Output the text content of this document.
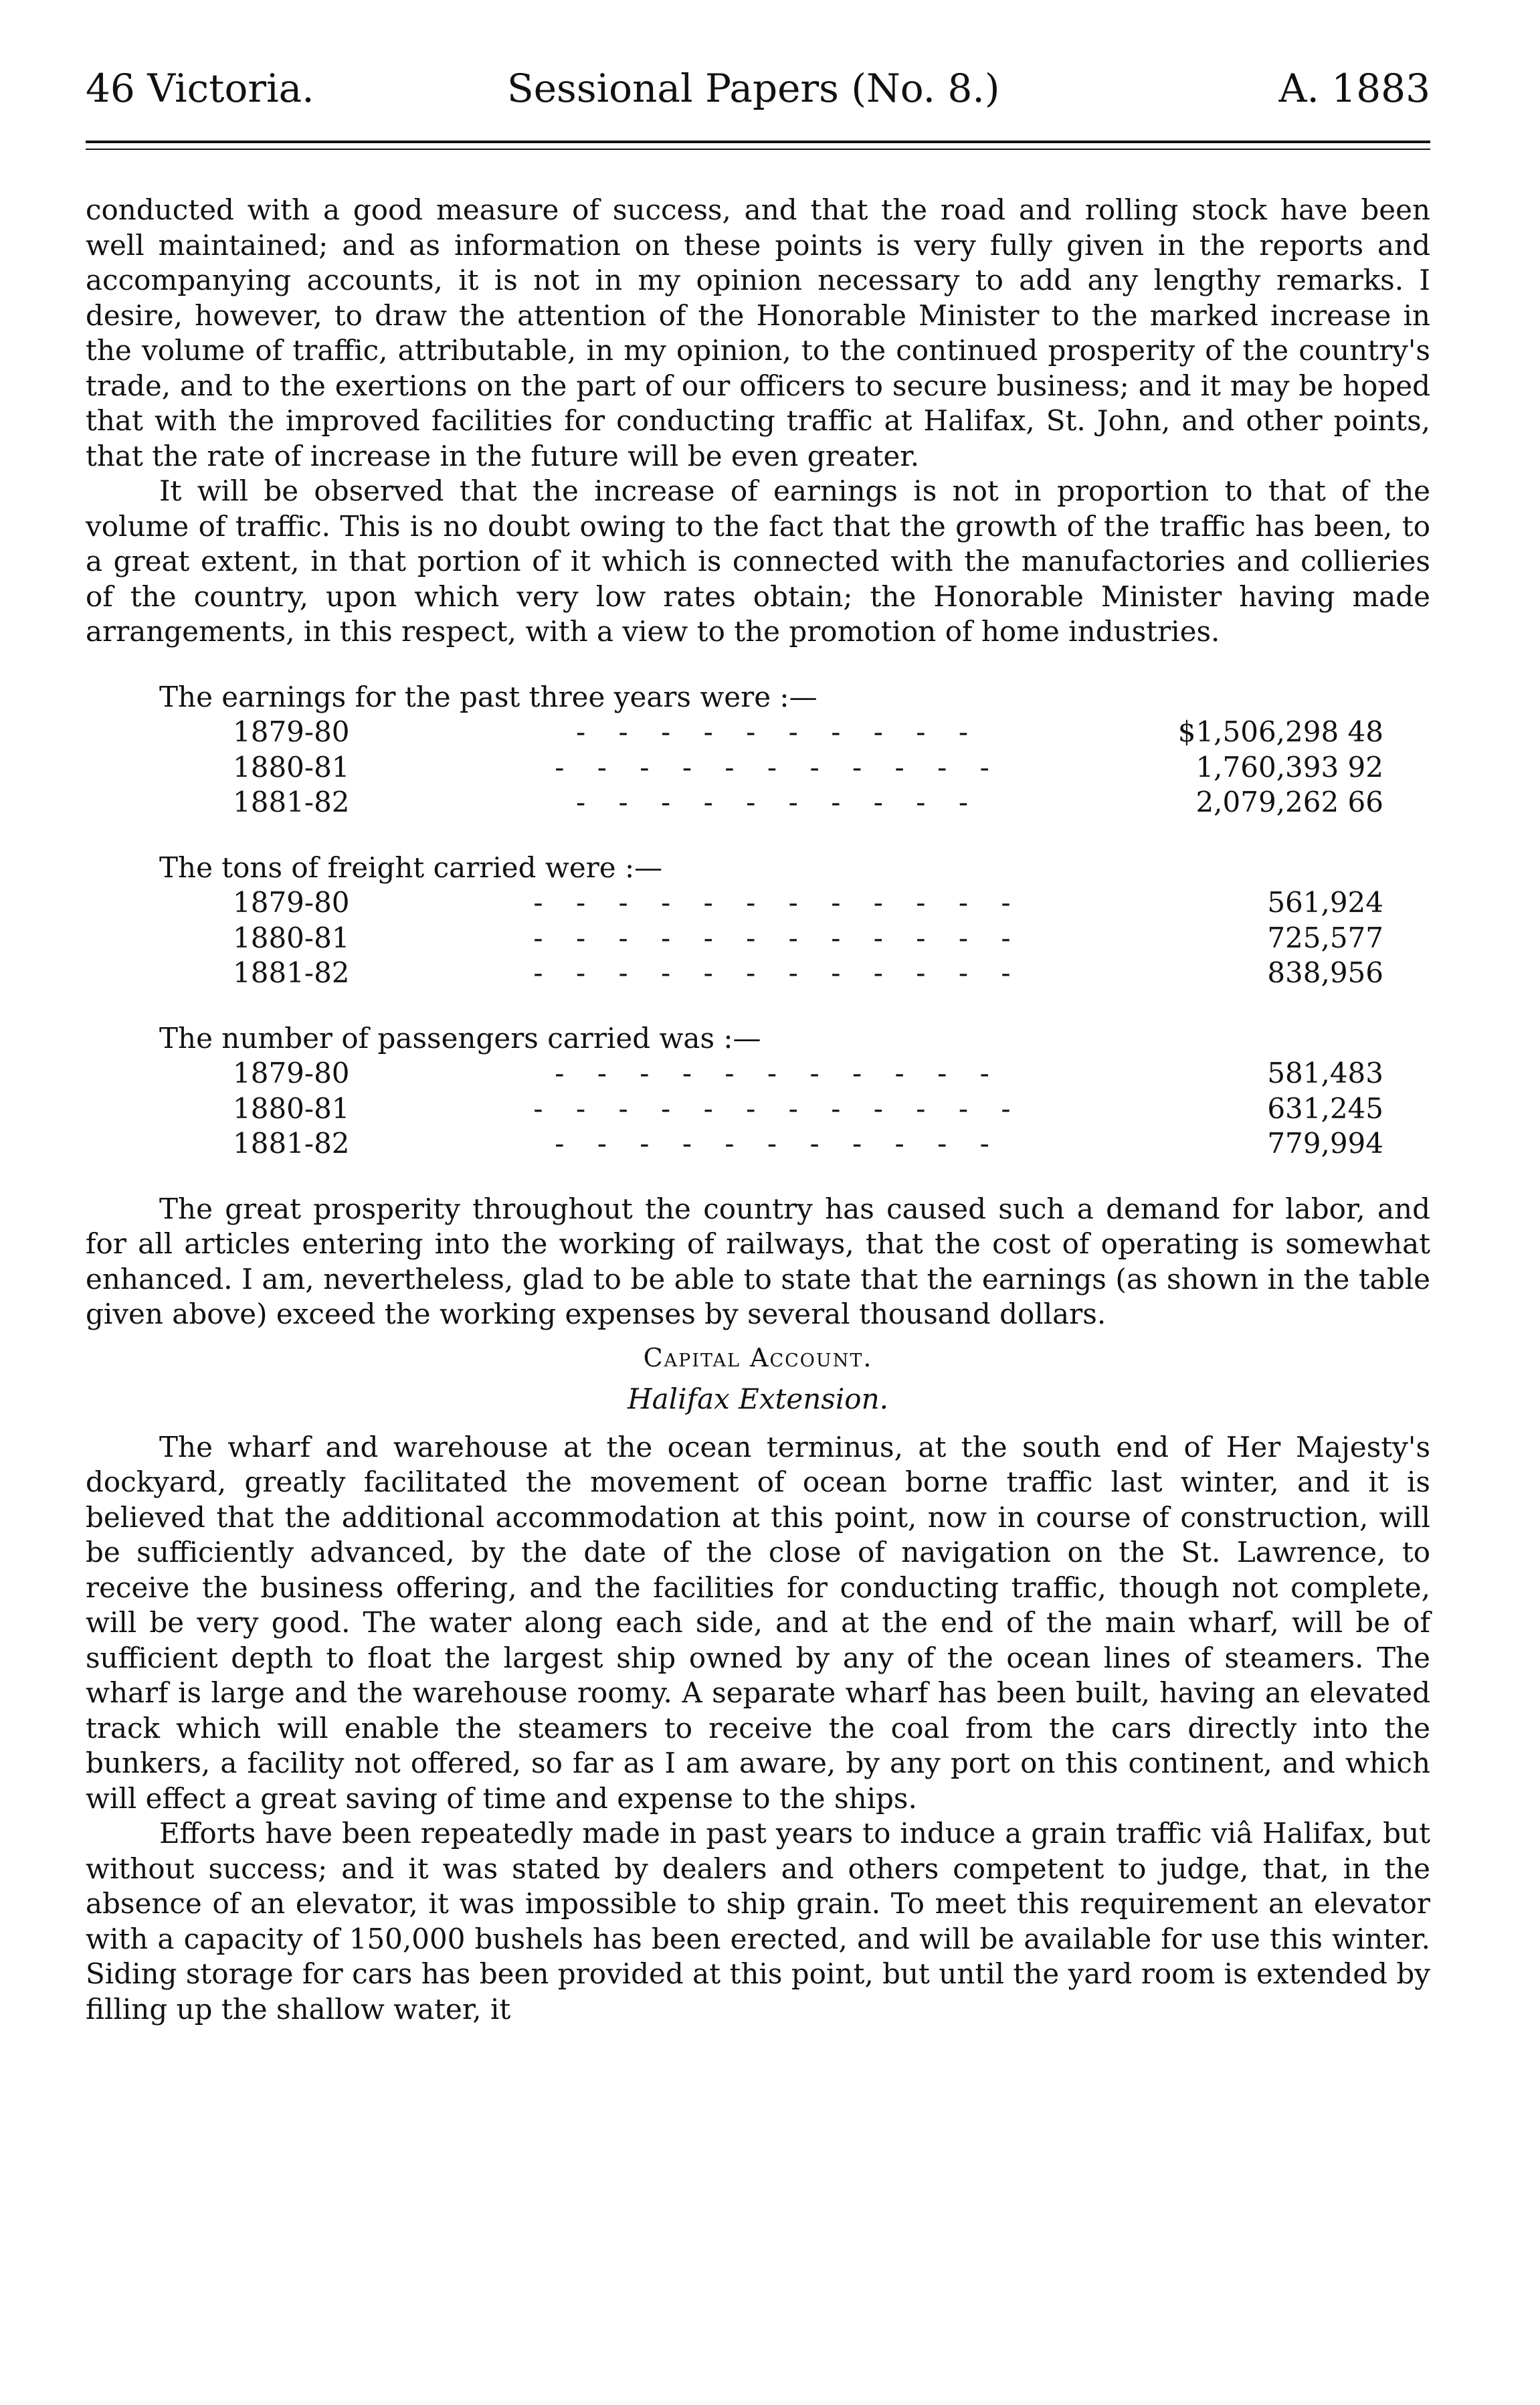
46 Victoria.	Sessional Papers (No. 8.)	A. 1883

conducted with a good measure of success, and that the road and rolling stock have been well maintained; and as information on these points is very fully given in the reports and accompanying accounts, it is not in my opinion necessary to add any lengthy remarks. I desire, however, to draw the attention of the Honorable Minister to the marked increase in the volume of traffic, attributable, in my opinion, to the continued prosperity of the country's trade, and to the exertions on the part of our officers to secure business; and it may be hoped that with the improved facilities for conducting traffic at Halifax, St. John, and other points, that the rate of increase in the future will be even greater.

It will be observed that the increase of earnings is not in proportion to that of the volume of traffic. This is no doubt owing to the fact that the growth of the traffic has been, to a great extent, in that portion of it which is connected with the manufactories and collieries of the country, upon which very low rates obtain; the Honorable Minister having made arrangements, in this respect, with a view to the promotion of home industries.

The earnings for the past three years were :—
1879-80	- - - - - - - - - -	$1,506,298 48
1880-81	- - - - - - - - - - -	1,760,393 92
1881-82	- - - - - - - - - -	2,079,262 66
The tons of freight carried were :—
1879-80	- - - - - - - - - - - -	561,924
1880-81	- - - - - - - - - - - -	725,577
1881-82	- - - - - - - - - - - -	838,956
The number of passengers carried was :—
1879-80	- - - - - - - - - - -	581,483
1880-81	- - - - - - - - - - - -	631,245
1881-82	- - - - - - - - - - -	779,994

The great prosperity throughout the country has caused such a demand for labor, and for all articles entering into the working of railways, that the cost of operating is somewhat enhanced. I am, nevertheless, glad to be able to state that the earnings (as shown in the table given above) exceed the working expenses by several thousand dollars.

Capital Account.
Halifax Extension.

The wharf and warehouse at the ocean terminus, at the south end of Her Majesty's dockyard, greatly facilitated the movement of ocean borne traffic last winter, and it is believed that the additional accommodation at this point, now in course of construction, will be sufficiently advanced, by the date of the close of navigation on the St. Lawrence, to receive the business offering, and the facilities for conducting traffic, though not complete, will be very good. The water along each side, and at the end of the main wharf, will be of sufficient depth to float the largest ship owned by any of the ocean lines of steamers. The wharf is large and the warehouse roomy. A separate wharf has been built, having an elevated track which will enable the steamers to receive the coal from the cars directly into the bunkers, a facility not offered, so far as I am aware, by any port on this continent, and which will effect a great saving of time and expense to the ships.

Efforts have been repeatedly made in past years to induce a grain traffic viâ Halifax, but without success; and it was stated by dealers and others competent to judge, that, in the absence of an elevator, it was impossible to ship grain. To meet this requirement an elevator with a capacity of 150,000 bushels has been erected, and will be available for use this winter. Siding storage for cars has been provided at this point, but until the yard room is extended by filling up the shallow water, it
